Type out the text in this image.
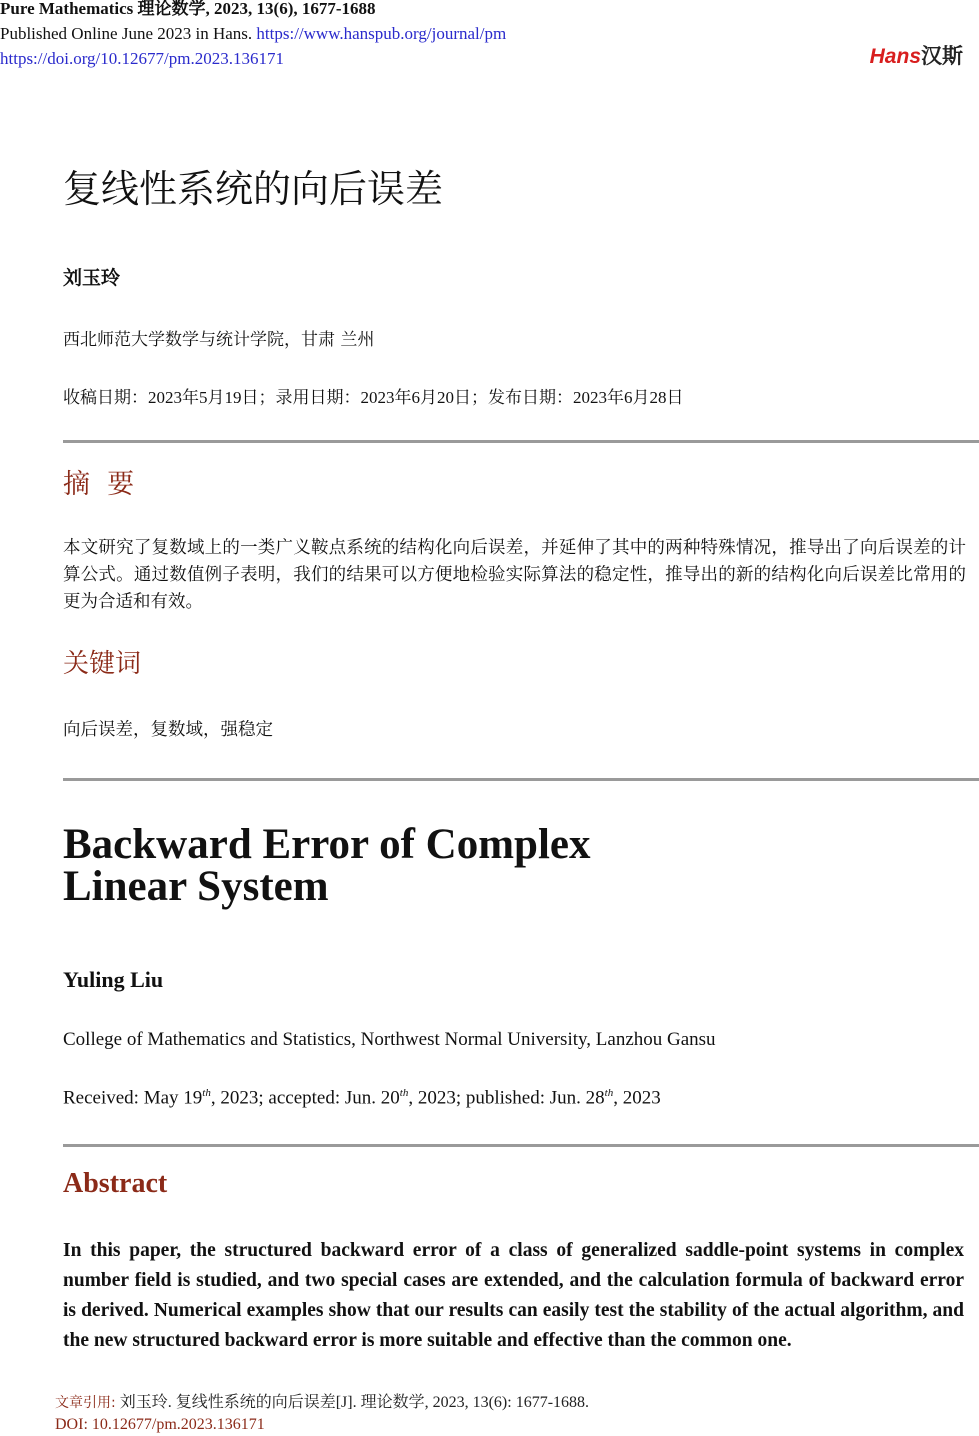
Pure Mathematics 理论数学, 2023, 13(6), 1677-1688
Published Online June 2023 in Hans. https://www.hanspub.org/journal/pm
https://doi.org/10.12677/pm.2023.136171	Hans汉斯
复线性系统的向后误差
刘玉玲
西北师范大学数学与统计学院，甘肃 兰州
收稿日期：2023年5月19日；录用日期：2023年6月20日；发布日期：2023年6月28日
摘  要
本文研究了复数域上的一类广义鞍点系统的结构化向后误差，并延伸了其中的两种特殊情况，推导出了向后误差的计算公式。通过数值例子表明，我们的结果可以方便地检验实际算法的稳定性，推导出的新的结构化向后误差比常用的更为合适和有效。
关键词
向后误差，复数域，强稳定
Backward Error of Complex
Linear System
Yuling Liu
College of Mathematics and Statistics, Northwest Normal University, Lanzhou Gansu
Received: May 19th, 2023; accepted: Jun. 20th, 2023; published: Jun. 28th, 2023
Abstract
In this paper, the structured backward error of a class of generalized saddle-point systems in complex number field is studied, and two special cases are extended, and the calculation formula of backward error is derived. Numerical examples show that our results can easily test the stability of the actual algorithm, and the new structured backward error is more suitable and effective than the common one.
文章引用: 刘玉玲. 复线性系统的向后误差[J]. 理论数学, 2023, 13(6): 1677-1688.
DOI: 10.12677/pm.2023.136171
